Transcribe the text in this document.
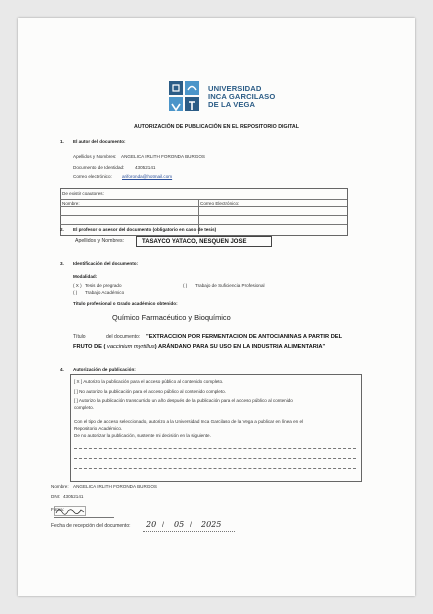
UNIVERSIDAD
INCA GARCILASO
DE LA VEGA
AUTORIZACIÓN DE PUBLICACIÓN EN EL REPOSITORIO DIGITAL
1. El autor del documento:
Apellidos y Nombres: ANGELICA IRLITH FORONDA BURGOS
Documento de Identidad: 43052141
Correo electrónico: ariforonda@hotmail.com
De existir coautores:
Nombre:	Correo Electrónico:
2. El profesor o asesor del documento (obligatorio en caso de tesis)
Apellidos y Nombres:	TASAYCO YATACO, NESQUEN JOSE
3. Identificación del documento:
Modalidad:
( X ) Tesis de pregrado	( ) Trabajo de Suficiencia Profesional
( ) Trabajo Académico
Título profesional o Grado académico obtenido:
Químico Farmacéutico y Bioquímico
Título	del documento: "EXTRACCION POR FERMENTACION DE ANTOCIANINAS A PARTIR DEL
FRUTO DE ( vaccinium myrtillus) ARÁNDANO PARA SU USO EN LA INDUSTRIA ALIMENTARIA"
4. Autorización de publicación:
[ X ] Autorizo la publicación para el acceso público al contenido completo.
[ ] No autorizo la publicación para el acceso público al contenido completo.
[ ] Autorizo la publicación transcurrido un año después de la publicación para el acceso público al contenido
completo.
Con el tipo de acceso seleccionado, autorizo a la Universidad Inca Garcilaso de la Vega a publicar en línea en el
Repositorio Académico.
De no autorizar la publicación, sustente mi decisión en la siguiente.
Nombre: ANGELICA IRLITH FORONDA BURGOS
DNI: 43052141
Firma:
Fecha de recepción del documento: 20 / 05 / 2025
